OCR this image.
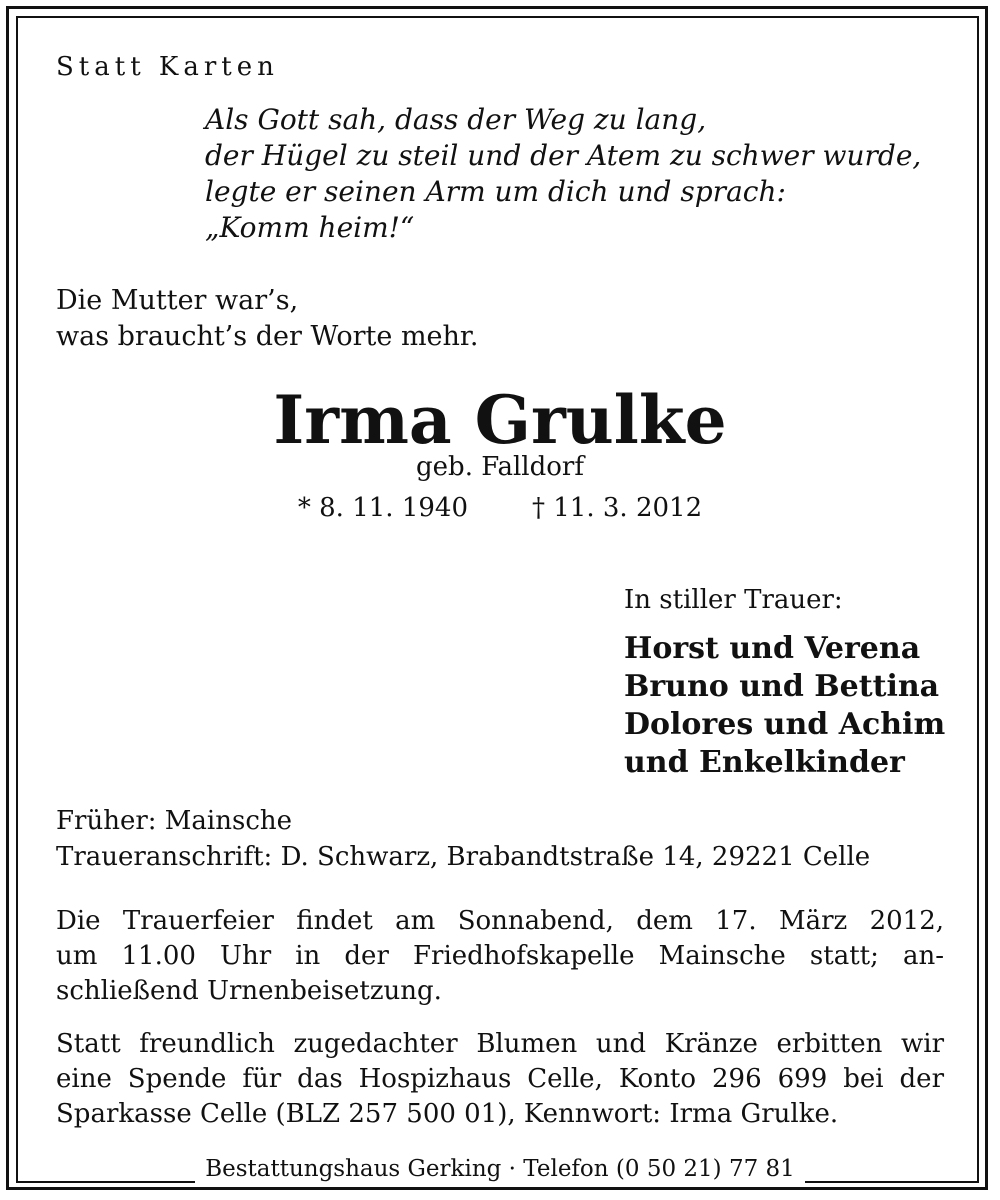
Statt Karten
Als Gott sah, dass der Weg zu lang,
der Hügel zu steil und der Atem zu schwer wurde,
legte er seinen Arm um dich und sprach:
„Komm heim!“
Die Mutter war’s,
was braucht’s der Worte mehr.
Irma Grulke
geb. Falldorf
* 8. 11. 1940 † 11. 3. 2012
In stiller Trauer:
Horst und Verena
Bruno und Bettina
Dolores und Achim
und Enkelkinder
Früher: Mainsche
Traueranschrift: D. Schwarz, Brabandtstraße 14, 29221 Celle
Die Trauerfeier findet am Sonnabend, dem 17. März 2012,
um 11.00 Uhr in der Friedhofskapelle Mainsche statt; an-
schließend Urnenbeisetzung.
Statt freundlich zugedachter Blumen und Kränze erbitten wir
eine Spende für das Hospizhaus Celle, Konto 296 699 bei der
Sparkasse Celle (BLZ 257 500 01), Kennwort: Irma Grulke.
Bestattungshaus Gerking · Telefon (0 50 21) 77 81
